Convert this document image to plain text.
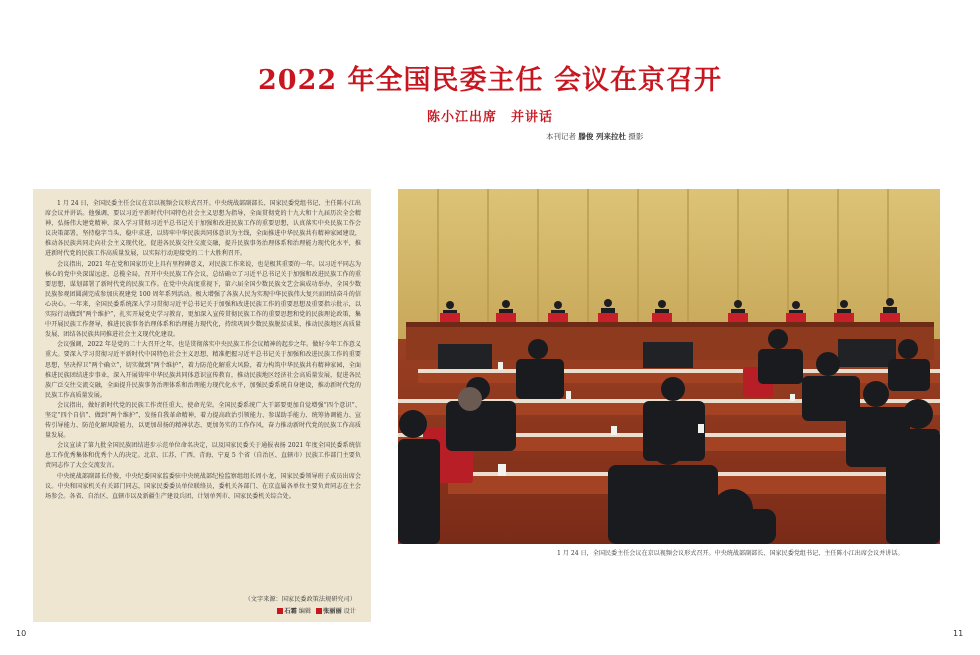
2022 年全国民委主任 会议在京召开
陈小江出席　并讲话
本刊记者 滕俊 列来拉杜 摄影

1 月 24 日，全国民委主任会议在京以视频会议形式召开。中央统战部副部长、国家民委党组书记、主任陈小江出席会议并讲话。他强调，要以习近平新时代中国特色社会主义思想为指导，全面贯彻党的十九大和十九届历次全会精神，弘扬伟大建党精神，深入学习贯彻习近平总书记关于加强和改进民族工作的重要思想，认真落实中央民族工作会议决策部署，坚持稳字当头、稳中求进，以铸牢中华民族共同体意识为主线，全面推进中华民族共有精神家园建设，推动各民族共同走向社会主义现代化，促进各民族交往交流交融，提升民族事务治理体系和治理能力现代化水平，推进新时代党的民族工作高质量发展，以实际行动迎接党的二十大胜利召开。

会议指出，2021 年在党和国家历史上具有里程碑意义，对民族工作来说，也是极其重要的一年。以习近平同志为核心的党中央深谋远虑、总揽全局，召开中央民族工作会议，总结确立了习近平总书记关于加强和改进民族工作的重要思想，谋划部署了新时代党的民族工作。在党中央高度重视下，第六届全国少数民族文艺会演成功举办，全国少数民族参观团圆满完成参加庆祝建党 100 周年系列活动。极大增强了各族人民为实现中华民族伟大复兴而团结奋斗的信心决心。一年来，全国民委系统深入学习贯彻习近平总书记关于加强和改进民族工作的重要思想及重要指示批示，以实际行动做到“两个维护”，扎实开展党史学习教育，更加深入宣传贯彻民族工作的重要思想和党的民族理论政策，集中开展民族工作督导，推进民族事务治理体系和治理能力现代化，持续巩固少数民族脱贫成果，推动民族地区高质量发展，团结各民族共同推进社会主义现代化建设。

会议强调，2022 年是党的二十大召开之年，也是贯彻落实中央民族工作会议精神的起步之年。做好今年工作意义重大。要深入学习贯彻习近平新时代中国特色社会主义思想，精准把握习近平总书记关于加强和改进民族工作的重要思想，坚决捍卫“两个确立”，切实做到“两个维护”，着力防范化解重大风险，着力构筑中华民族共有精神家园，全面推进民族团结进步事业，深入开展铸牢中华民族共同体意识宣传教育，推动民族地区经济社会高质量发展，促进各民族广泛交往交流交融，全面提升民族事务治理体系和治理能力现代化水平，加强民委系统自身建设，推动新时代党的民族工作高质量发展。

会议指出，做好新时代党的民族工作责任重大、使命光荣。全国民委系统广大干部要更加自觉增强“四个意识”、坚定“四个自信”、做到“两个维护”，发扬自我革命精神，着力提高政治引领能力、参谋助手能力、统筹协调能力、宣传引导能力、防范化解风险能力，以更加昂扬的精神状态、更加务实的工作作风，奋力推动新时代党的民族工作高质量发展。

会议宣读了第九批全国民族团结进步示范单位命名决定，以及国家民委关于通报表扬 2021 年度全国民委系统信息工作优秀集体和优秀个人的决定。北京、江苏、广西、青海、宁夏 5 个省（自治区、直辖市）民族工作部门主要负责同志作了大会交流发言。

中央统战部副部长侍俊，中央纪委国家监委驻中央统战部纪检监察组组长周小龙，国家民委领导班子成员出席会议。中央和国家机关有关部门同志，国家民委委员单位联络员，委机关各部门、在京直属各单位主要负责同志在主会场参会。各省、自治区、直辖市以及新疆生产建设兵团、计划单列市、国家民委机关综合处。

（文字来源：国家民委政策法规研究司）
石霜 编辑 张丽丽 设计
1 月 24 日，全国民委主任会议在京以视频会议形式召开。中央统战部副部长、国家民委党组书记、主任陈小江出席会议并讲话。
10	11
